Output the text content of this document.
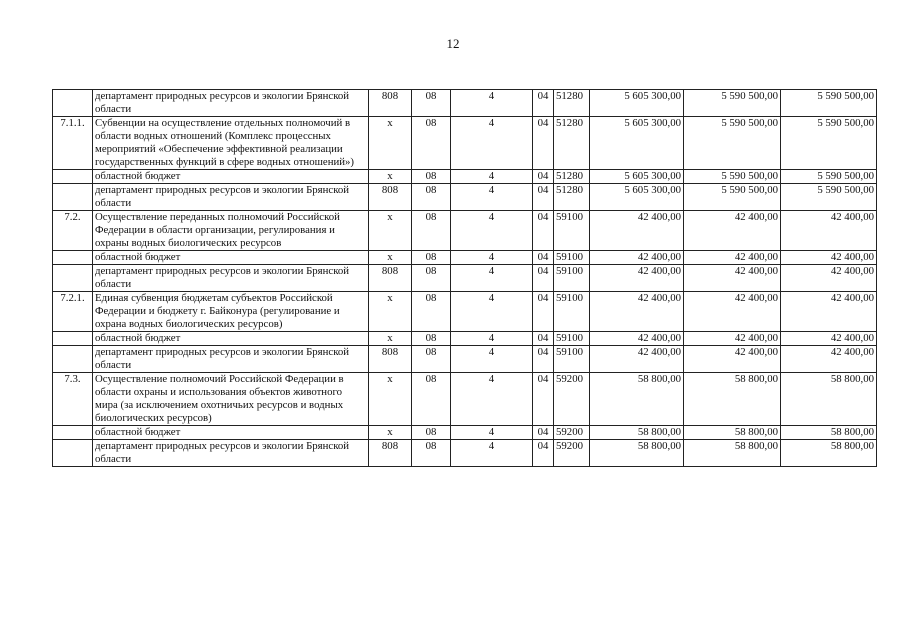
12
	департамент природных ресурсов и экологии Брянской области	808	08	4	04	51280	5 605 300,00	5 590 500,00	5 590 500,00
7.1.1.	Субвенции на осуществление отдельных полномочий в области водных отношений (Комплекс процессных мероприятий «Обеспечение эффективной реализации государственных функций в сфере водных отношений»)	х	08	4	04	51280	5 605 300,00	5 590 500,00	5 590 500,00
	областной бюджет	х	08	4	04	51280	5 605 300,00	5 590 500,00	5 590 500,00
	департамент природных ресурсов и экологии Брянской области	808	08	4	04	51280	5 605 300,00	5 590 500,00	5 590 500,00
7.2.	Осуществление переданных полномочий Российской Федерации в области организации, регулирования и охраны водных биологических ресурсов	х	08	4	04	59100	42 400,00	42 400,00	42 400,00
	областной бюджет	х	08	4	04	59100	42 400,00	42 400,00	42 400,00
	департамент природных ресурсов и экологии Брянской области	808	08	4	04	59100	42 400,00	42 400,00	42 400,00
7.2.1.	Единая субвенция бюджетам субъектов Российской Федерации и бюджету г. Байконура (регулирование и охрана водных биологических ресурсов)	х	08	4	04	59100	42 400,00	42 400,00	42 400,00
	областной бюджет	х	08	4	04	59100	42 400,00	42 400,00	42 400,00
	департамент природных ресурсов и экологии Брянской области	808	08	4	04	59100	42 400,00	42 400,00	42 400,00
7.3.	Осуществление полномочий Российской Федерации в области охраны и использования объектов животного мира (за исключением охотничьих ресурсов и водных биологических ресурсов)	х	08	4	04	59200	58 800,00	58 800,00	58 800,00
	областной бюджет	х	08	4	04	59200	58 800,00	58 800,00	58 800,00
	департамент природных ресурсов и экологии Брянской области	808	08	4	04	59200	58 800,00	58 800,00	58 800,00
